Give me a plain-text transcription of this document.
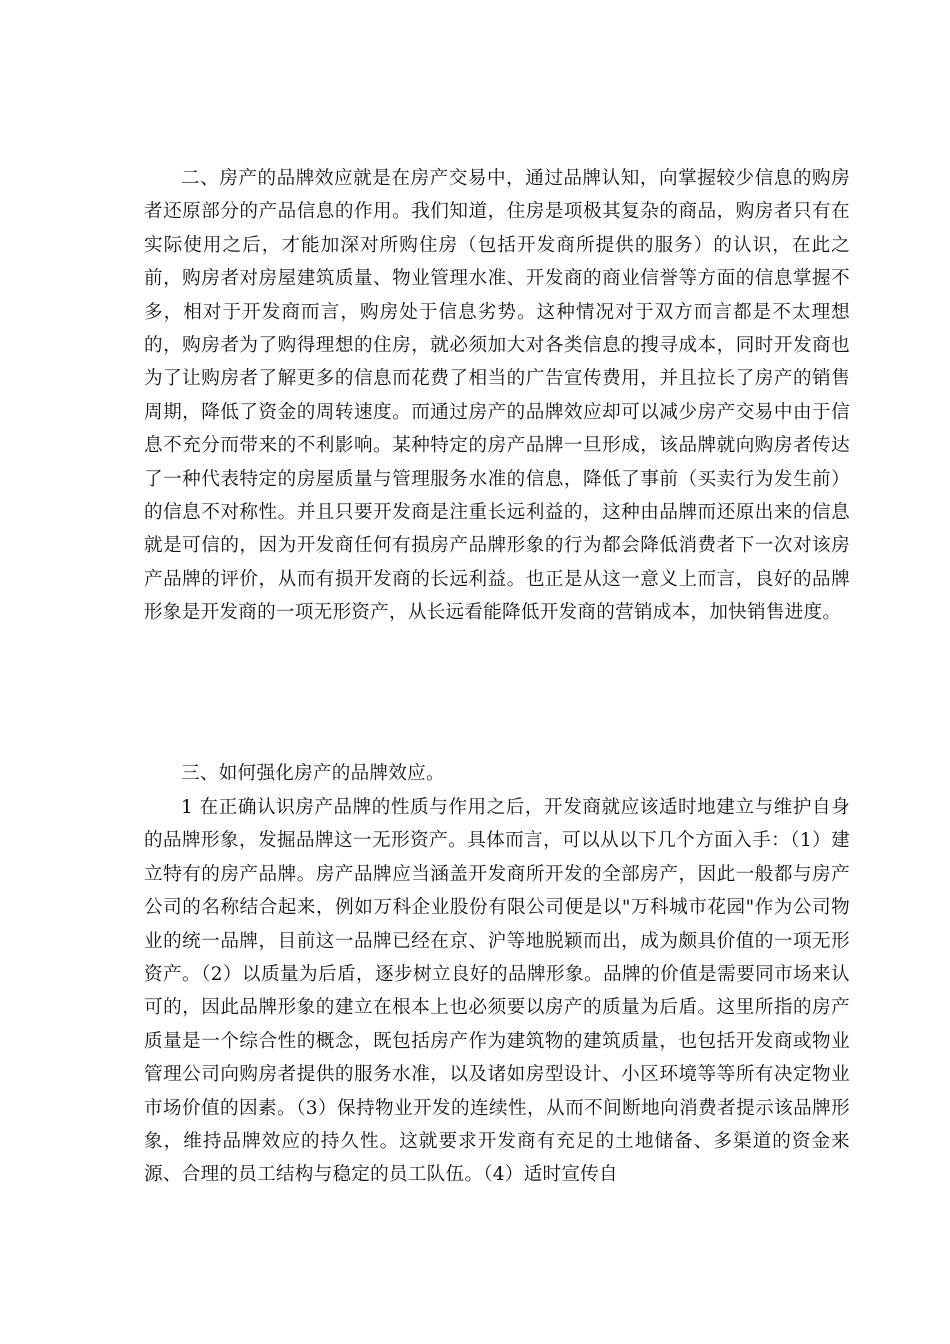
二、房产的品牌效应就是在房产交易中，通过品牌认知，向掌握较少信息的购房者还原部分的产品信息的作用。我们知道，住房是项极其复杂的商品，购房者只有在实际使用之后，才能加深对所购住房（包括开发商所提供的服务）的认识，在此之前，购房者对房屋建筑质量、物业管理水准、开发商的商业信誉等方面的信息掌握不多，相对于开发商而言，购房处于信息劣势。这种情况对于双方而言都是不太理想的，购房者为了购得理想的住房，就必须加大对各类信息的搜寻成本，同时开发商也为了让购房者了解更多的信息而花费了相当的广告宣传费用，并且拉长了房产的销售周期，降低了资金的周转速度。而通过房产的品牌效应却可以减少房产交易中由于信息不充分而带来的不利影响。某种特定的房产品牌一旦形成，该品牌就向购房者传达了一种代表特定的房屋质量与管理服务水准的信息，降低了事前（买卖行为发生前）的信息不对称性。并且只要开发商是注重长远利益的，这种由品牌而还原出来的信息就是可信的，因为开发商任何有损房产品牌形象的行为都会降低消费者下一次对该房产品牌的评价，从而有损开发商的长远利益。也正是从这一意义上而言，良好的品牌形象是开发商的一项无形资产，从长远看能降低开发商的营销成本，加快销售进度。

三、如何强化房产的品牌效应。

1 在正确认识房产品牌的性质与作用之后，开发商就应该适时地建立与维护自身的品牌形象，发掘品牌这一无形资产。具体而言，可以从以下几个方面入手：（1）建立特有的房产品牌。房产品牌应当涵盖开发商所开发的全部房产，因此一般都与房产公司的名称结合起来，例如万科企业股份有限公司便是以"万科城市花园"作为公司物业的统一品牌，目前这一品牌已经在京、沪等地脱颖而出，成为颇具价值的一项无形资产。（2）以质量为后盾，逐步树立良好的品牌形象。品牌的价值是需要同市场来认可的，因此品牌形象的建立在根本上也必须要以房产的质量为后盾。这里所指的房产质量是一个综合性的概念，既包括房产作为建筑物的建筑质量，也包括开发商或物业管理公司向购房者提供的服务水准，以及诸如房型设计、小区环境等等所有决定物业市场价值的因素。（3）保持物业开发的连续性，从而不间断地向消费者提示该品牌形象，维持品牌效应的持久性。这就要求开发商有充足的土地储备、多渠道的资金来源、合理的员工结构与稳定的员工队伍。（4）适时宣传自
